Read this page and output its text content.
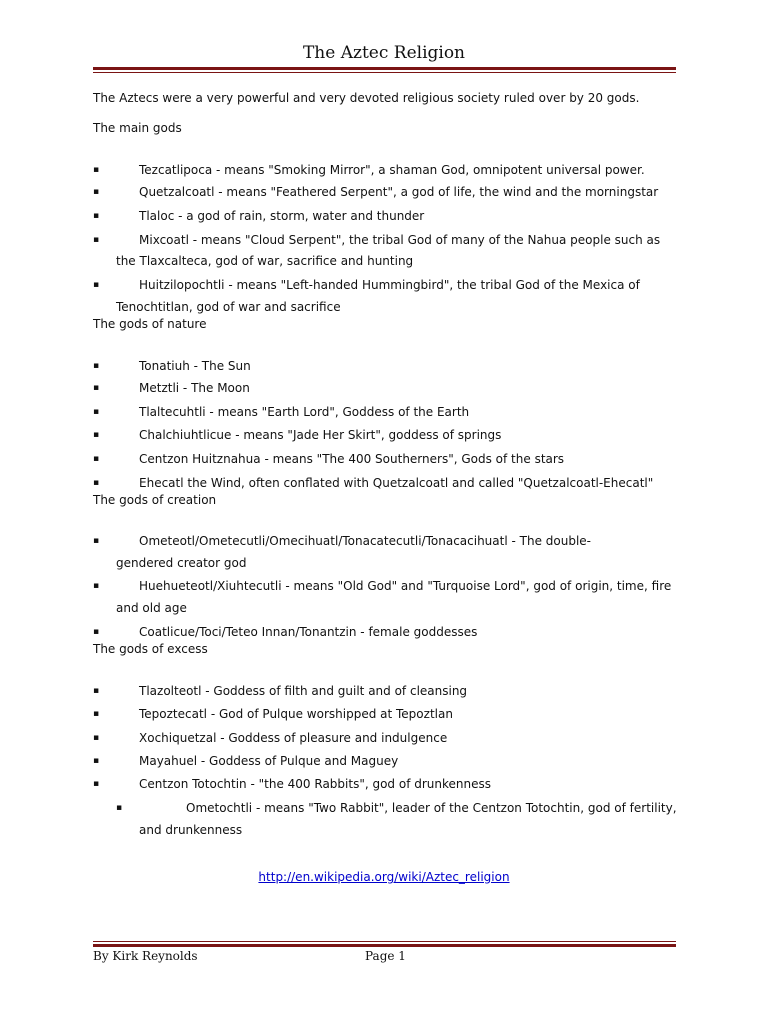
The Aztec Religion
The Aztecs were a very powerful and very devoted religious society ruled over by 20 gods.
The main gods
▪	Tezcatlipoca - means "Smoking Mirror", a shaman God, omnipotent universal power.
▪	Quetzalcoatl - means "Feathered Serpent", a god of life, the wind and the morningstar
▪	Tlaloc - a god of rain, storm, water and thunder
▪	Mixcoatl - means "Cloud Serpent", the tribal God of many of the Nahua people such as
the Tlaxcalteca, god of war, sacrifice and hunting
▪	Huitzilopochtli - means "Left-handed Hummingbird", the tribal God of the Mexica of
Tenochtitlan, god of war and sacrifice
The gods of nature
▪	Tonatiuh - The Sun
▪	Metztli - The Moon
▪	Tlaltecuhtli - means "Earth Lord", Goddess of the Earth
▪	Chalchiuhtlicue - means "Jade Her Skirt", goddess of springs
▪	Centzon Huitznahua - means "The 400 Southerners", Gods of the stars
▪	Ehecatl the Wind, often conflated with Quetzalcoatl and called "Quetzalcoatl-Ehecatl"
The gods of creation
▪	Ometeotl/Ometecutli/Omecihuatl/Tonacatecutli/Tonacacihuatl - The double-
gendered creator god
▪	Huehueteotl/Xiuhtecutli - means "Old God" and "Turquoise Lord", god of origin, time, fire
and old age
▪	Coatlicue/Toci/Teteo Innan/Tonantzin - female goddesses
The gods of excess
▪	Tlazolteotl - Goddess of filth and guilt and of cleansing
▪	Tepoztecatl - God of Pulque worshipped at Tepoztlan
▪	Xochiquetzal - Goddess of pleasure and indulgence
▪	Mayahuel - Goddess of Pulque and Maguey
▪	Centzon Totochtin - "the 400 Rabbits", god of drunkenness
▪	Ometochtli - means "Two Rabbit", leader of the Centzon Totochtin, god of fertility,
and drunkenness
http://en.wikipedia.org/wiki/Aztec_religion
By Kirk Reynolds	Page 1
